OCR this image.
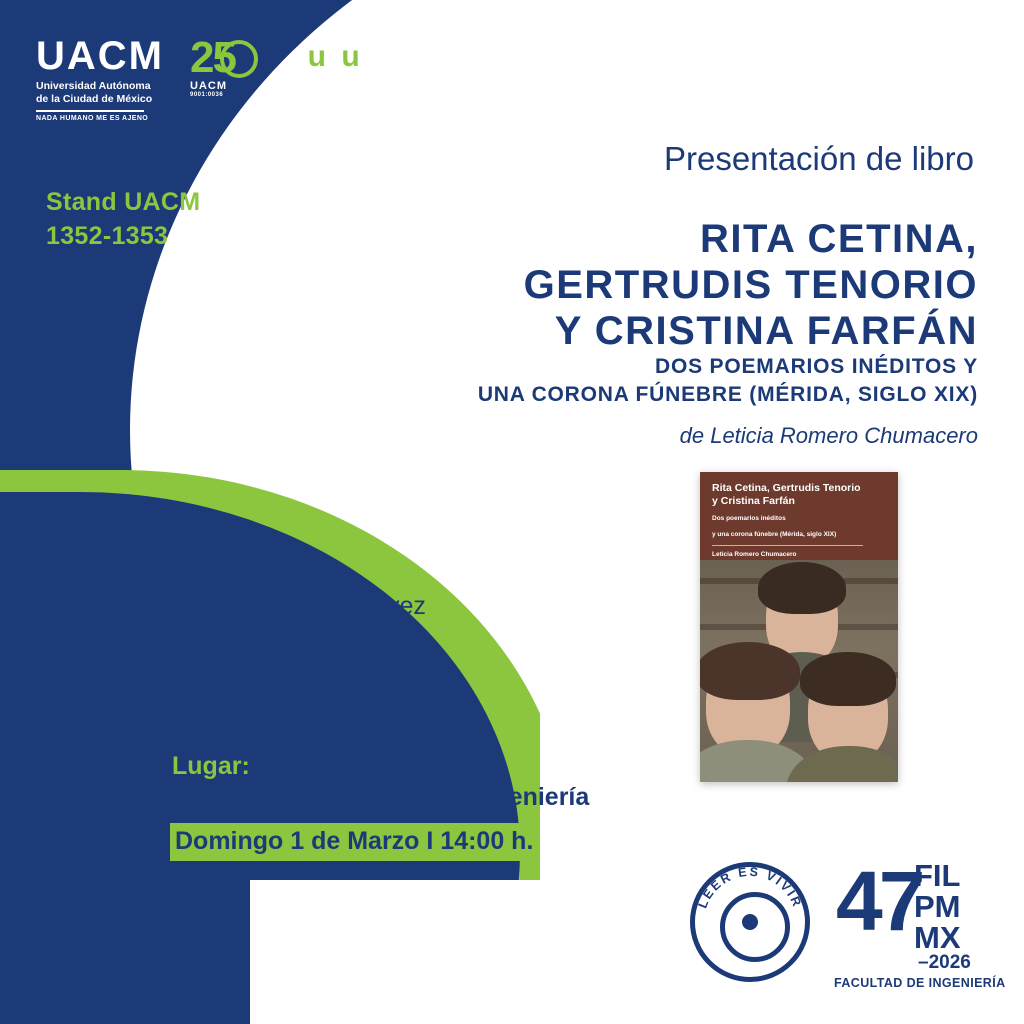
UACM
Universidad Autónoma
de la Ciudad de México
NADA HUMANO ME ES AJENO
25
UACM
9001:0036
cultura
UACM
PUBLICACIONES
Stand UACM
1352-1353
Presentación de libro
RITA CETINA,
GERTRUDIS TENORIO
Y CRISTINA FARFÁN
DOS POEMARIOS INÉDITOS Y
UNA CORONA FÚNEBRE (MÉRIDA, SIGLO XIX)
de Leticia Romero Chumacero
Rita Cetina, Gertrudis Tenorio
y Cristina Farfán
Dos poemarios inéditos
y una corona fúnebre (Mérida, siglo XIX)
Leticia Romero Chumacero
Participan:
Ximena Yáñez Chávez
y la autora
Lugar:
Salón de la Academia de Ingeniería
Domingo 1 de Marzo I 14:00 h.
LEER ES VIVIR 47
FIL
PM
MX
–2026
FACULTAD DE INGENIERÍA
